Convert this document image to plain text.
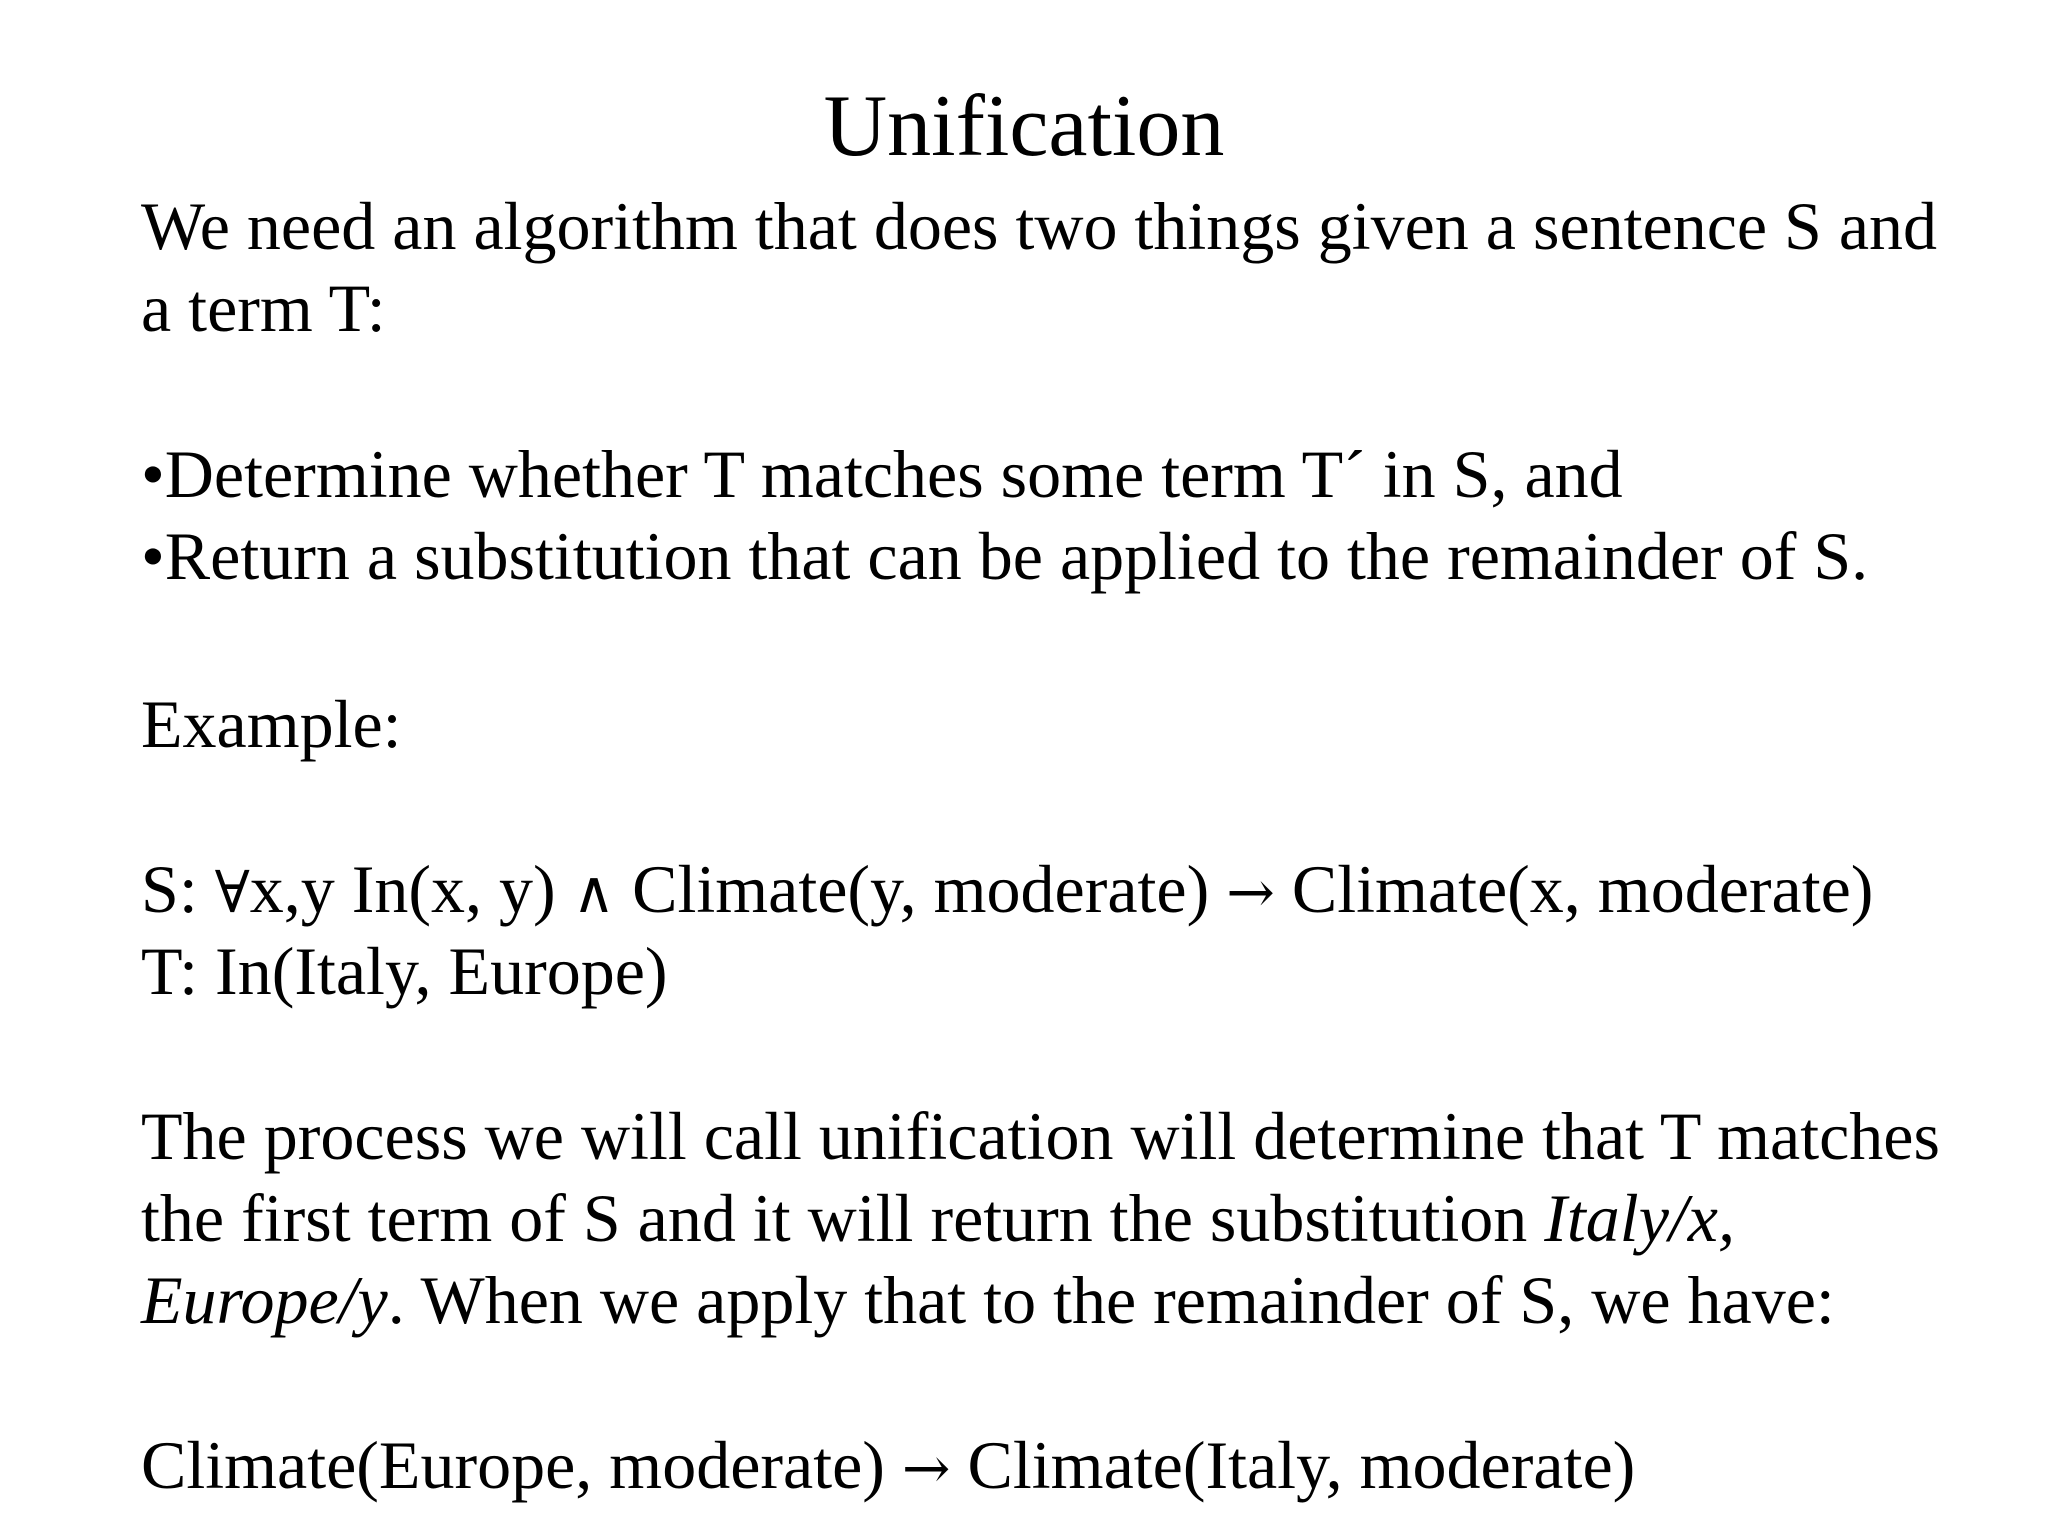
Unification
We need an algorithm that does two things given a sentence S and
a term T:
•Determine whether T matches some term T´ in S, and
•Return a substitution that can be applied to the remainder of S.
Example:
S: ∀x,y In(x, y) ∧ Climate(y, moderate) → Climate(x, moderate)
T: In(Italy, Europe)
The process we will call unification will determine that T matches
the first term of S and it will return the substitution Italy/x,
Europe/y. When we apply that to the remainder of S, we have:
Climate(Europe, moderate) → Climate(Italy, moderate)
